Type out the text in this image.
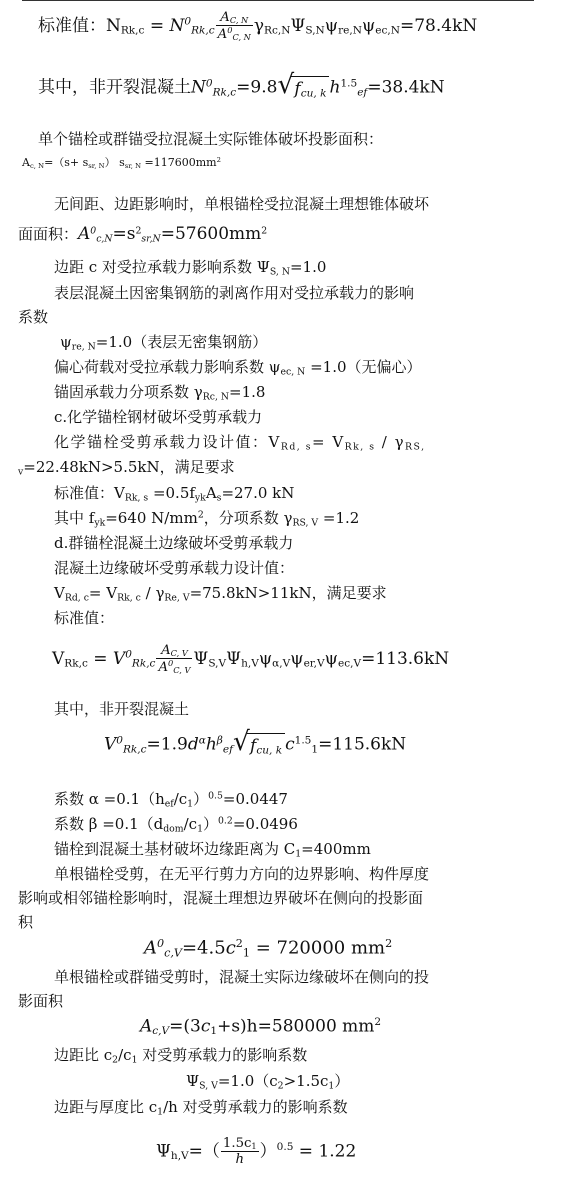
标准值：$N_{Rk,c} = N^0_{Rk,c} \frac{A_{C, N}}{A^0_{C, N}} \gamma_{Rc,N}\Psi_{S,N}\psi_{re,N}\psi_{ec,N}=78.4kN$
其中，非开裂混凝土$N^0_{Rk,c}=9.8$ √ $f_{cu, k}$ $h^{1.5}_{ef}=38.4kN$
单个锚栓或群锚受拉混凝土实际锥体破坏投影面积：
$A_{c, N}=(s+ s_{sr, N})$ $s_{sr, N} =117600mm^2$
无间距、边距影响时，单根锚栓受拉混凝土理想锥体破坏
面面积：$A^0_{c,N}=s^2_{sr,N}=57600mm^2$
边距 c 对受拉承载力影响系数 $\Psi_{S, N}=1.0$
表层混凝土因密集钢筋的剥离作用对受拉承载力的影响
系数
$\psi_{re, N}=1.0$（表层无密集钢筋）
偏心荷载对受拉承载力影响系数 $\psi_{ec, N} =1.0$（无偏心）
锚固承载力分项系数 $\gamma_{Rc, N}=1.8$
c.化学锚栓钢材破坏受剪承载力
化学锚栓受剪承载力设计值：$V_{Rd, s}= V_{Rk, s} / \gamma_{RS,}$
$_v$=22.48kN>5.5kN，满足要求
标准值：$V_{Rk, s} =0.5f_{yk}A_s=27.0$ kN
其中 $f_{yk}=640$ $N/mm^2$，分项系数 $\gamma_{RS, V} =1.2$
d.群锚栓混凝土边缘破坏受剪承载力
混凝土边缘破坏受剪承载力设计值：
$V_{Rd, c}= V_{Rk, c} / \gamma_{Re, V}=75.8kN>11kN$，满足要求
标准值：
$V_{Rk,c} = V^0_{Rk,c} \frac{A_{C, V}}{A^0_{C, V}} \Psi_{S,V}\Psi_{h,V}\psi_{\alpha,V}\psi_{er,V}\psi_{ec,V}=113.6kN$
其中，非开裂混凝土
$V^0_{Rk,c}=1.9d^\alpha h^\beta_{ef}$ √ $f_{cu, k}$ $c^{1.5}_1=115.6kN$
系数 $\alpha =0.1(h_{ef}/c_1)^{0.5}=0.0447$
系数 $\beta =0.1(d_{dom}/c_1)^{0.2}=0.0496$
锚栓到混凝土基材破坏边缘距离为 $C_1=400mm$
单根锚栓受剪，在无平行剪力方向的边界影响、构件厚度
影响或相邻锚栓影响时，混凝土理想边界破坏在侧向的投影面
积
$A^0_{c,V}=4.5c^2_1 = 720000$ $mm^2$
单根锚栓或群锚受剪时，混凝土实际边缘破坏在侧向的投
影面积
$A_{c,V}=(3c_1+s)h=580000$ $mm^2$
边距比 $c_2/c_1$ 对受剪承载力的影响系数
$\Psi_{S, V}=1.0(c_2>1.5c_1)$
边距与厚度比 $c_1/h$ 对受剪承载力的影响系数
$\Psi_{h,V}=( \frac{1.5c_1}{h} )^{0.5} = 1.22$
